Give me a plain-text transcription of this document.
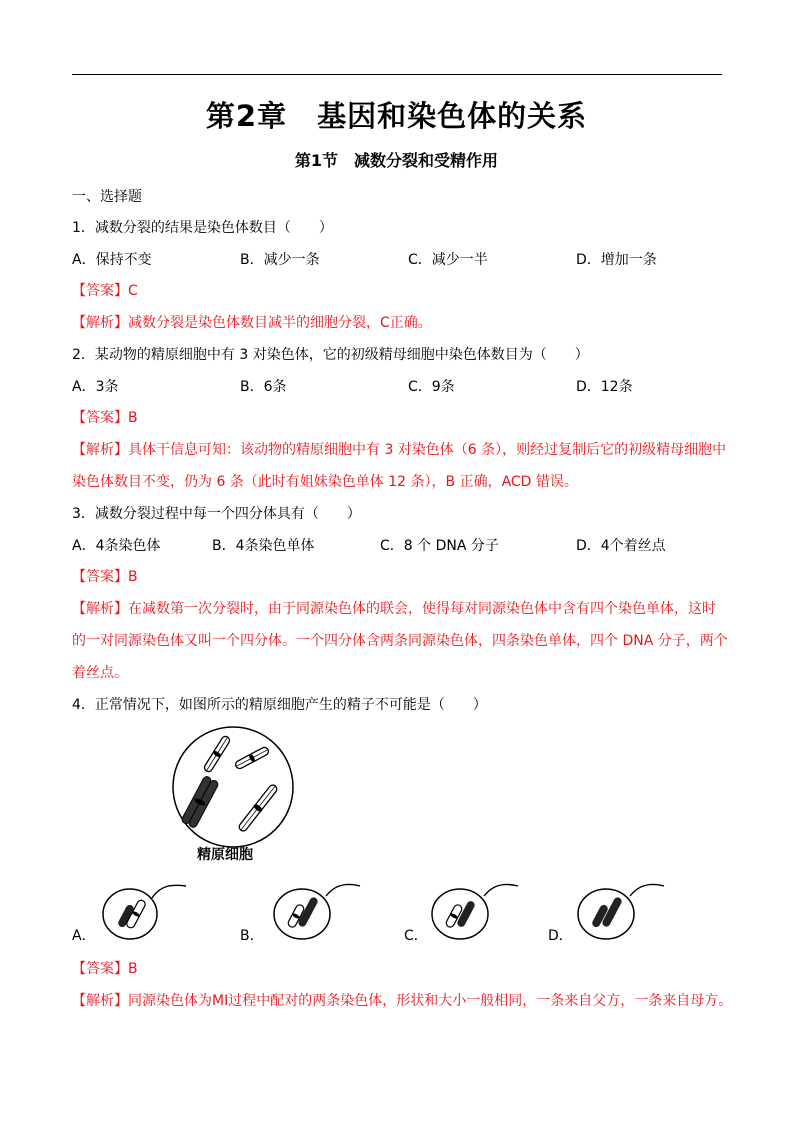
第2章　基因和染色体的关系
第1节　减数分裂和受精作用
一、选择题
1．减数分裂的结果是染色体数目（　　）
A．保持不变	B．减少一条	C．减少一半	D．增加一条
【答案】C
【解析】减数分裂是染色体数目减半的细胞分裂，C正确。
2．某动物的精原细胞中有 3 对染色体，它的初级精母细胞中染色体数目为（　　）
A．3条	B．6条	C．9条	D．12条
【答案】B
【解析】具体干信息可知：该动物的精原细胞中有 3 对染色体（6 条），则经过复制后它的初级精母细胞中
染色体数目不变，仍为 6 条（此时有姐妹染色单体 12 条），B 正确，ACD 错误。
3．减数分裂过程中每一个四分体具有（　　）
A．4条染色体	B．4条染色单体	C．8 个 DNA 分子	D．4个着丝点
【答案】B
【解析】在减数第一次分裂时，由于同源染色体的联会，使得每对同源染色体中含有四个染色单体，这时
的一对同源染色体又叫一个四分体。一个四分体含两条同源染色体，四条染色单体，四个 DNA 分子，两个
着丝点。
4．正常情况下，如图所示的精原细胞产生的精子不可能是（　　）
精原细胞
A．	B．	C．	D．
【答案】B
【解析】同源染色体为MI过程中配对的两条染色体，形状和大小一般相同，一条来自父方，一条来自母方。
